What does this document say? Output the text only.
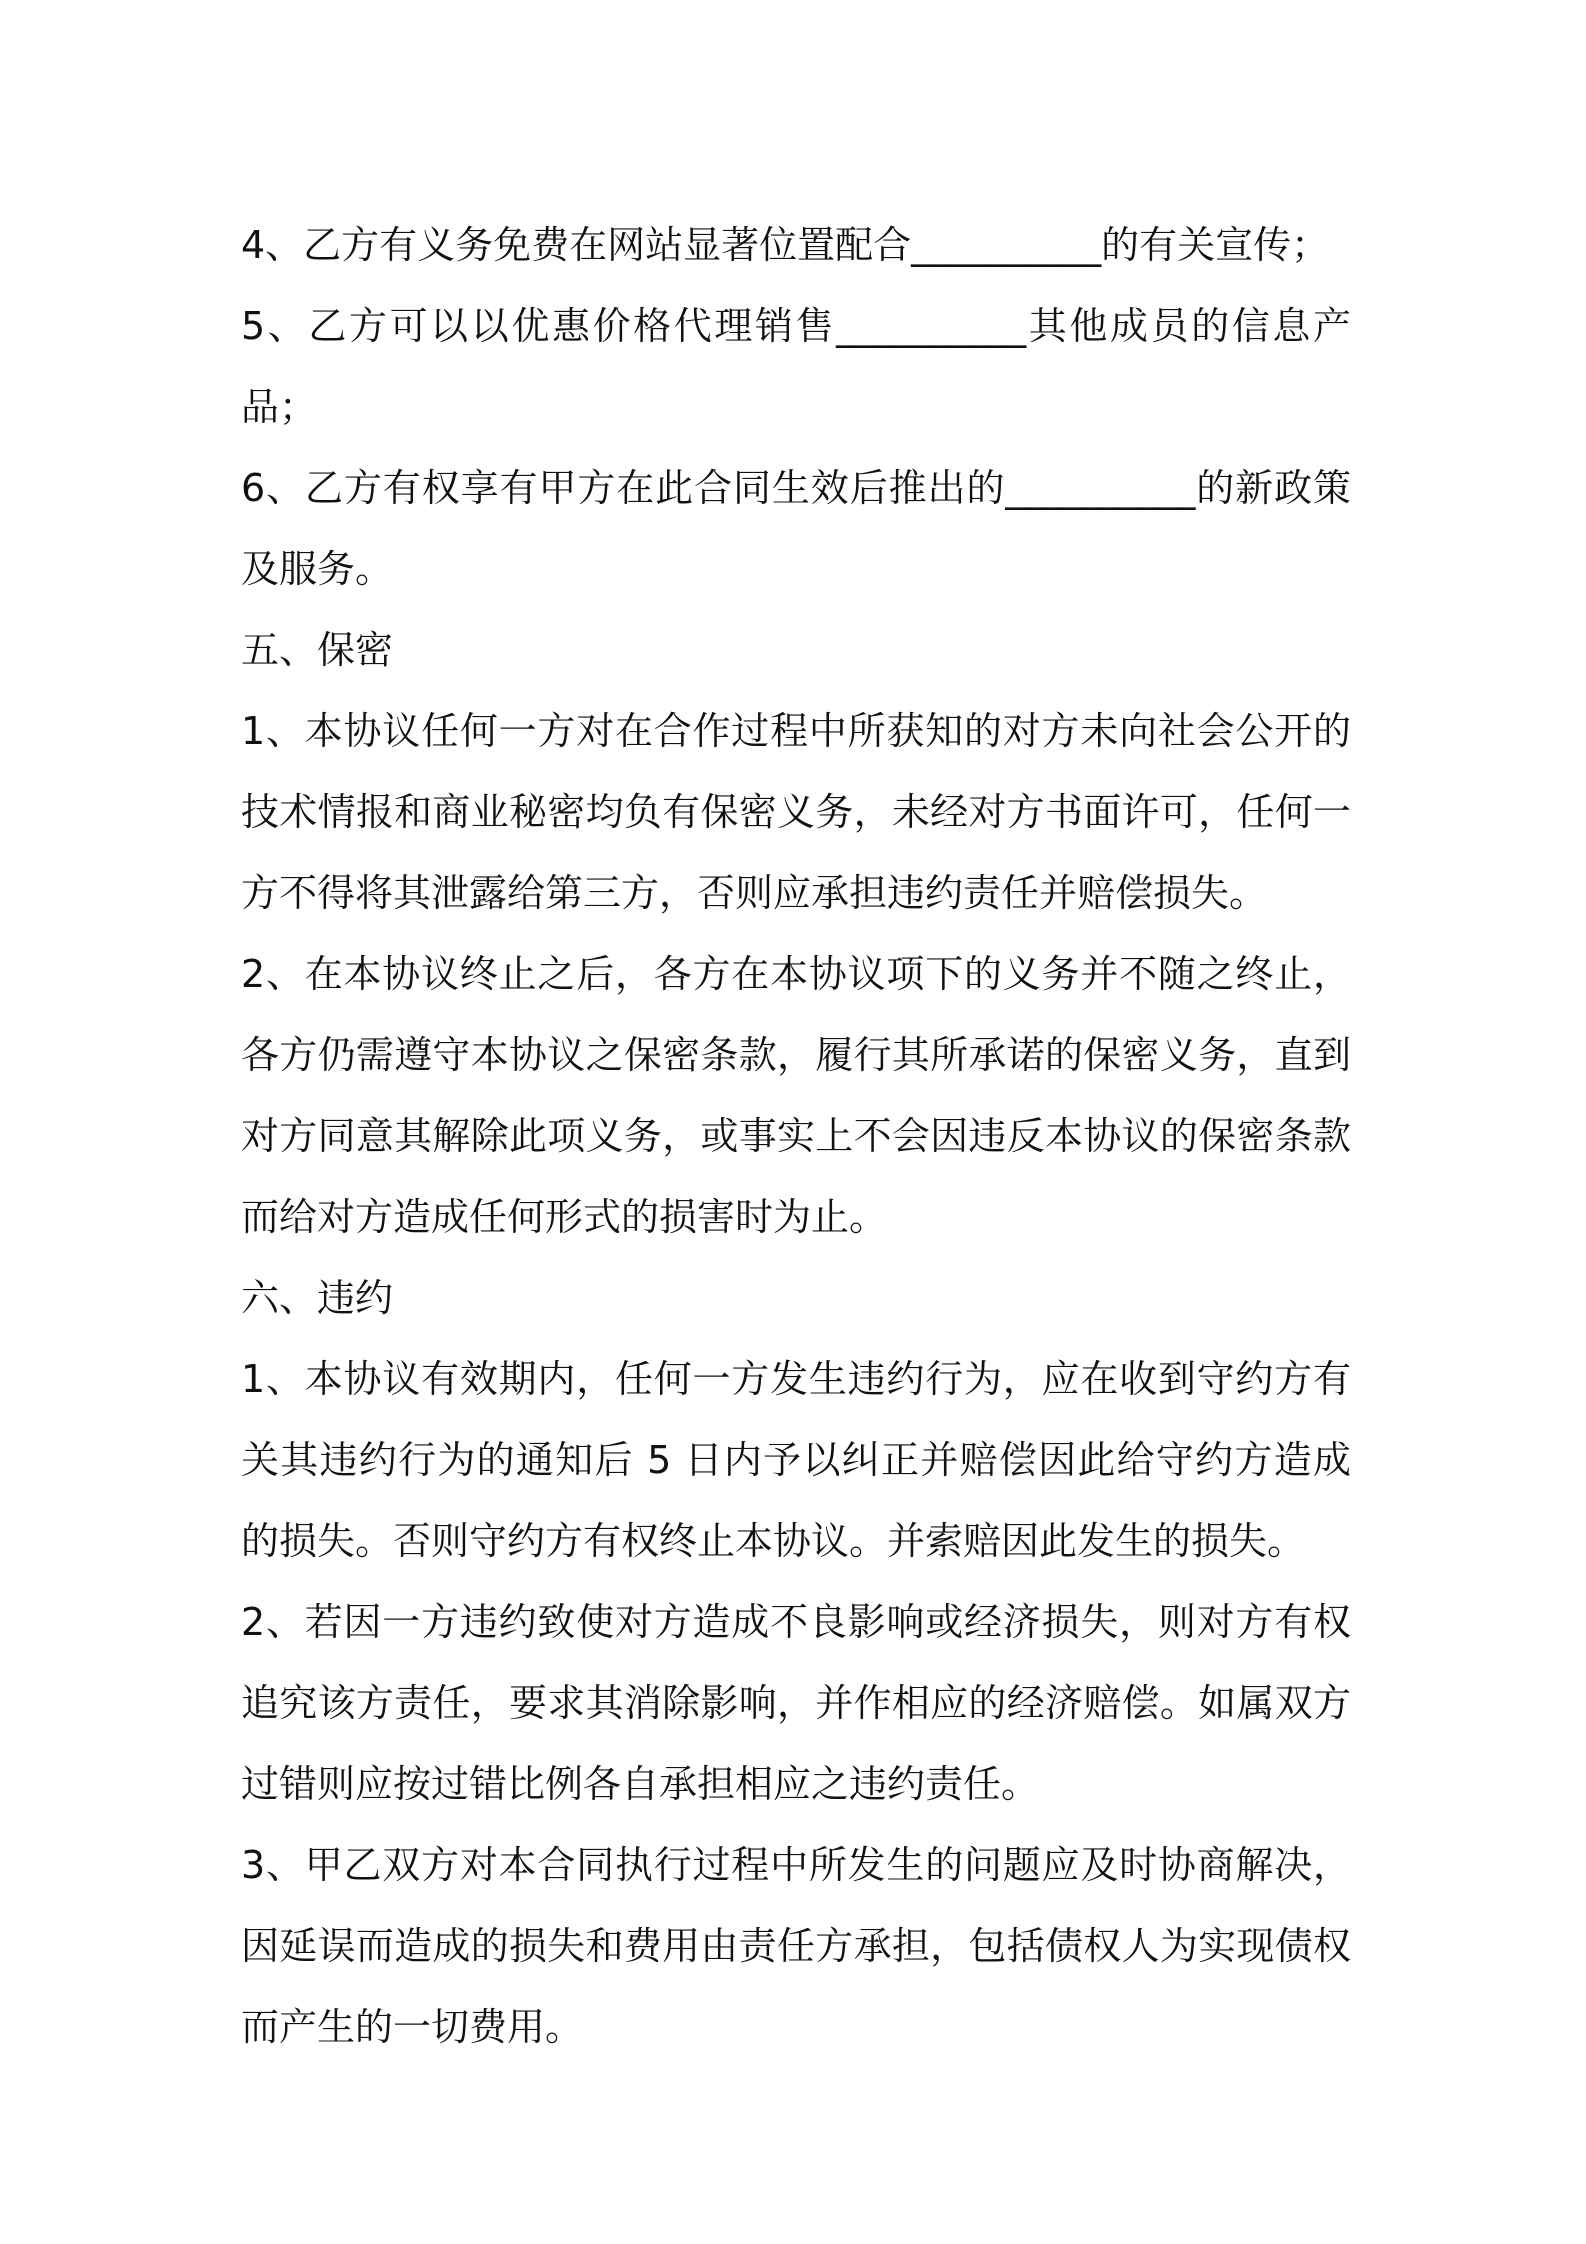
4、乙方有义务免费在网站显著位置配合__________的有关宣传；

5、乙方可以以优惠价格代理销售__________其他成员的信息产品；

6、乙方有权享有甲方在此合同生效后推出的__________的新政策及服务。

五、保密

1、本协议任何一方对在合作过程中所获知的对方未向社会公开的技术情报和商业秘密均负有保密义务，未经对方书面许可，任何一方不得将其泄露给第三方，否则应承担违约责任并赔偿损失。

2、在本协议终止之后，各方在本协议项下的义务并不随之终止，各方仍需遵守本协议之保密条款，履行其所承诺的保密义务，直到对方同意其解除此项义务，或事实上不会因违反本协议的保密条款而给对方造成任何形式的损害时为止。

六、违约

1、本协议有效期内，任何一方发生违约行为，应在收到守约方有关其违约行为的通知后 5 日内予以纠正并赔偿因此给守约方造成的损失。否则守约方有权终止本协议。并索赔因此发生的损失。

2、若因一方违约致使对方造成不良影响或经济损失，则对方有权追究该方责任，要求其消除影响，并作相应的经济赔偿。如属双方过错则应按过错比例各自承担相应之违约责任。

3、甲乙双方对本合同执行过程中所发生的问题应及时协商解决，因延误而造成的损失和费用由责任方承担，包括债权人为实现债权而产生的一切费用。
